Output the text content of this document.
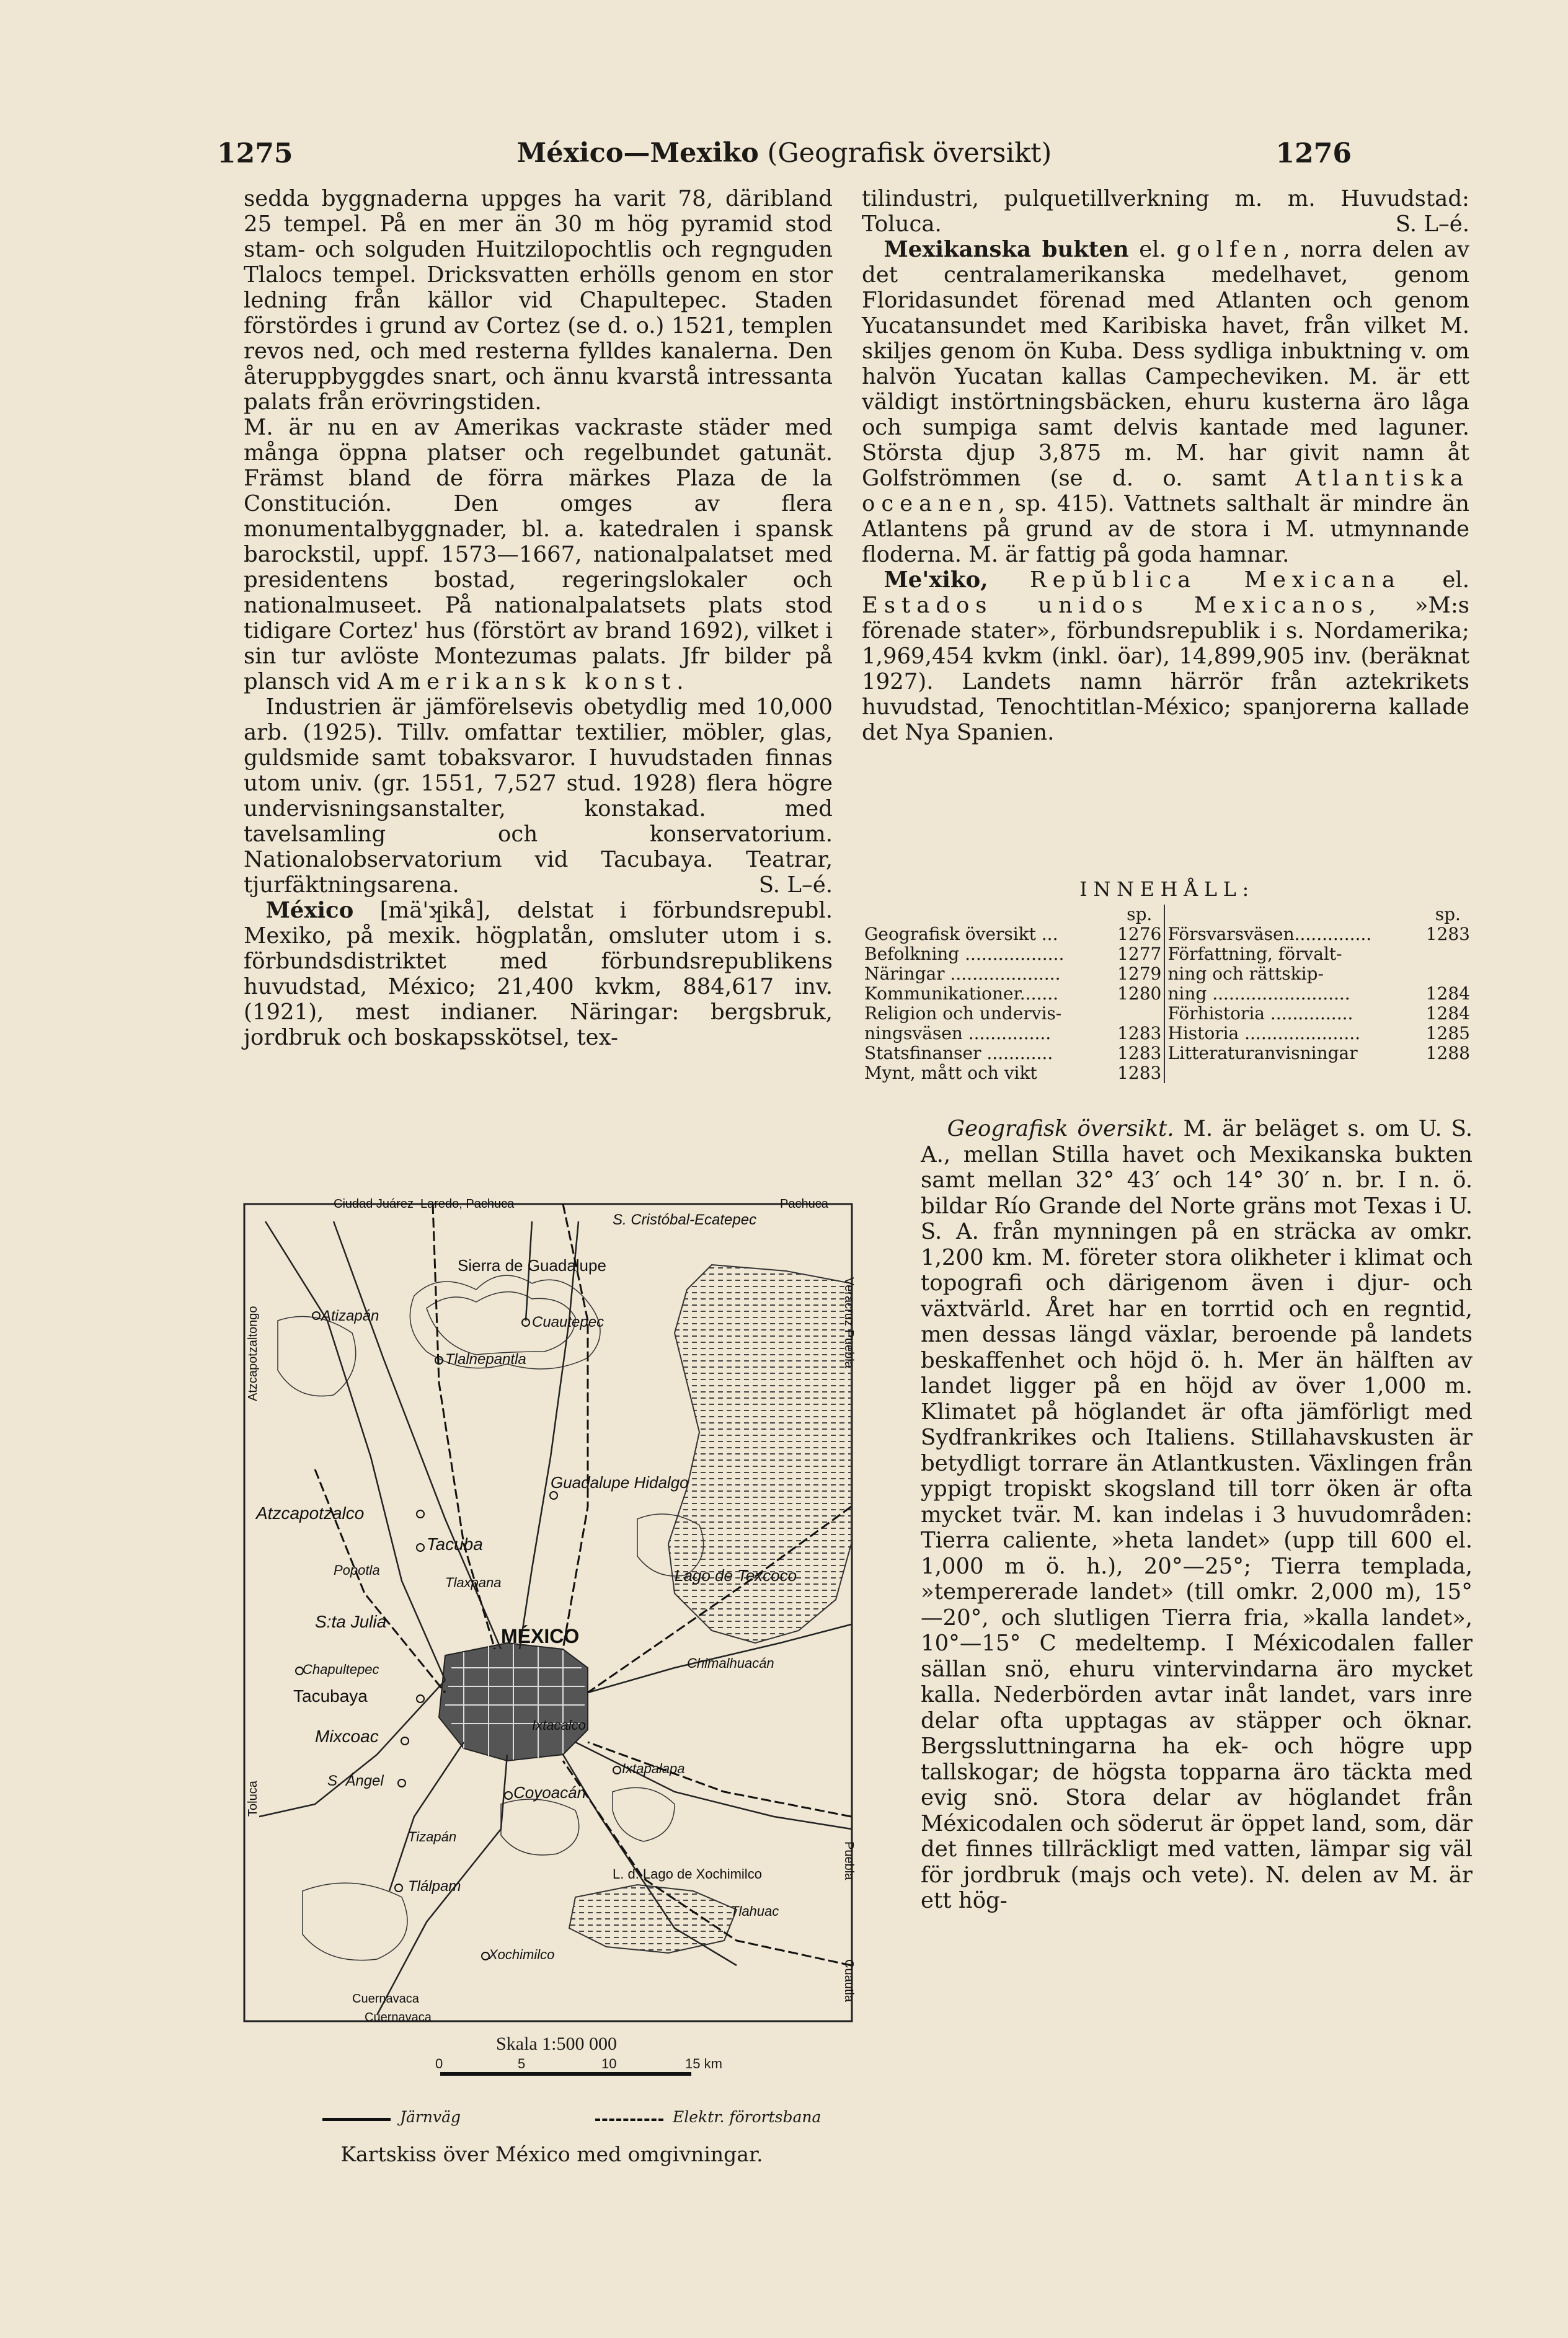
1275	México—Mexiko (Geografisk översikt)	1276

sedda byggnaderna uppges ha varit 78, däribland 25 tempel. På en mer än 30 m hög pyramid stod stam- och solguden Huitzilopochtlis och regnguden Tlalocs tempel. Dricksvatten erhölls genom en stor ledning från källor vid Chapultepec. Staden förstördes i grund av Cortez (se d. o.) 1521, templen revos ned, och med resterna fylldes kanalerna. Den återuppbyggdes snart, och ännu kvarstå intressanta palats från erövringstiden.

M. är nu en av Amerikas vackraste städer med många öppna platser och regelbundet gatunät. Främst bland de förra märkes Plaza de la Constitución. Den omges av flera monumentalbyggnader, bl. a. katedralen i spansk barockstil, uppf. 1573—1667, nationalpalatset med presidentens bostad, regeringslokaler och nationalmuseet. På nationalpalatsets plats stod tidigare Cortez' hus (förstört av brand 1692), vilket i sin tur avlöste Montezumas palats. Jfr bilder på plansch vid Amerikansk konst.

Industrien är jämförelsevis obetydlig med 10,000 arb. (1925). Tillv. omfattar textilier, möbler, glas, guldsmide samt tobaksvaror. I huvudstaden finnas utom univ. (gr. 1551, 7,527 stud. 1928) flera högre undervisningsanstalter, konstakad. med tavelsamling och konservatorium. Nationalobservatorium vid Tacubaya. Teatrar, tjurfäktningsarena.	S. L–é.

México [mä'ʞikå], delstat i förbundsrepubl. Mexiko, på mexik. högplatån, omsluter utom i s. förbundsdistriktet med förbundsrepublikens huvudstad, México; 21,400 kvkm, 884,617 inv. (1921), mest indianer. Näringar: bergsbruk, jordbruk och boskapsskötsel, tex-

tilindustri, pulquetillverkning m. m. Huvudstad: Toluca.	S. L–é.

Mexikanska bukten el. golfen, norra delen av det centralamerikanska medelhavet, genom Floridasundet förenad med Atlanten och genom Yucatansundet med Karibiska havet, från vilket M. skiljes genom ön Kuba. Dess sydliga inbuktning v. om halvön Yucatan kallas Campecheviken. M. är ett väldigt instörtningsbäcken, ehuru kusterna äro låga och sumpiga samt delvis kantade med laguner. Största djup 3,875 m. M. har givit namn åt Golfströmmen (se d. o. samt Atlantiska oceanen, sp. 415). Vattnets salthalt är mindre än Atlantens på grund av de stora i M. utmynnande floderna. M. är fattig på goda hamnar.

Me'xiko, Repŭblica Mexicana el. Estados unidos Mexicanos, »M:s förenade stater», förbundsrepublik i s. Nordamerika; 1,969,454 kvkm (inkl. öar), 14,899,905 inv. (beräknat 1927). Landets namn härrör från aztekrikets huvudstad, Tenochtitlan-México; spanjorerna kallade det Nya Spanien.

INNEHÅLL:
	sp.		sp.
Geografisk översikt ...	1276	Försvarsväsen..............	1283
Befolkning ..................	1277	Författning, förvalt-	
Näringar ....................	1279	ning och rättskip-	
Kommunikationer.......	1280	ning .........................	1284
Religion och undervis-		Förhistoria ...............	1284
ningsväsen ...............	1283	Historia .....................	1285
Statsfinanser ............	1283	Litteraturanvisningar	1288
Mynt, mått och vikt	1283		

Geografisk översikt. M. är beläget s. om U. S. A., mellan Stilla havet och Mexikanska bukten samt mellan 32° 43′ och 14° 30′ n. br. I n. ö. bildar Río Grande del Norte gräns mot Texas i U. S. A. från mynningen på en sträcka av omkr. 1,200 km. M. företer stora olikheter i klimat och topografi och därigenom även i djur- och växtvärld. Året har en torrtid och en regntid, men dessas längd växlar, beroende på landets beskaffenhet och höjd ö. h. Mer än hälften av landet ligger på en höjd av över 1,000 m. Klimatet på höglandet är ofta jämförligt med Sydfrankrikes och Italiens. Stillahavskusten är betydligt torrare än Atlantkusten. Växlingen från yppigt tropiskt skogsland till torr öken är ofta mycket tvär. M. kan indelas i 3 huvudområden: Tierra caliente, »heta landet» (upp till 600 el. 1,000 m ö. h.), 20°—25°; Tierra templada, »tempererade landet» (till omkr. 2,000 m), 15° —20°, och slutligen Tierra fria, »kalla landet», 10°—15° C medeltemp. I Méxicodalen faller sällan snö, ehuru vintervindarna äro mycket kalla. Nederbörden avtar inåt landet, vars inre delar ofta upptagas av stäpper och öknar. Bergssluttningarna ha ek- och högre upp tallskogar; de högsta topparna äro täckta med evig snö. Stora delar av höglandet från Méxicodalen och söderut är öppet land, som, där det finnes tillräckligt med vatten, lämpar sig väl för jordbruk (majs och vete). N. delen av M. är ett hög-

Ciudad Juárez Laredo, Pachuca	Pachuca
Atzcapotzaltongo
Toluca
Veracruz Puebla
Puebla
Cuautla
Cuernavaca
Sierra de Guadalupe
S. Cristóbal-Ecatepec
Atizapán	Cuautepec
Tlalnepantla
Atzcapotzalco
Tacuba
Popotla
Tlaxpana
Guadalupe Hidalgo
Lago de Texcoco
MÉXICO
S:ta Julia
Chapultepec
Tacubaya
Ixtacalco
Chimalhuacán
Mixcoac
S. Ángel
Ixtapalapa
Coyoacán
Tizapán
Tlálpam
L. d. Lago de Xochimilco
Tlahuac
Xochimilco
Cuernavaca
Skala 1:500 000
0	5	10	15 km
Järnväg	Elektr. förortsbana
Kartskiss över México med omgivningar.
